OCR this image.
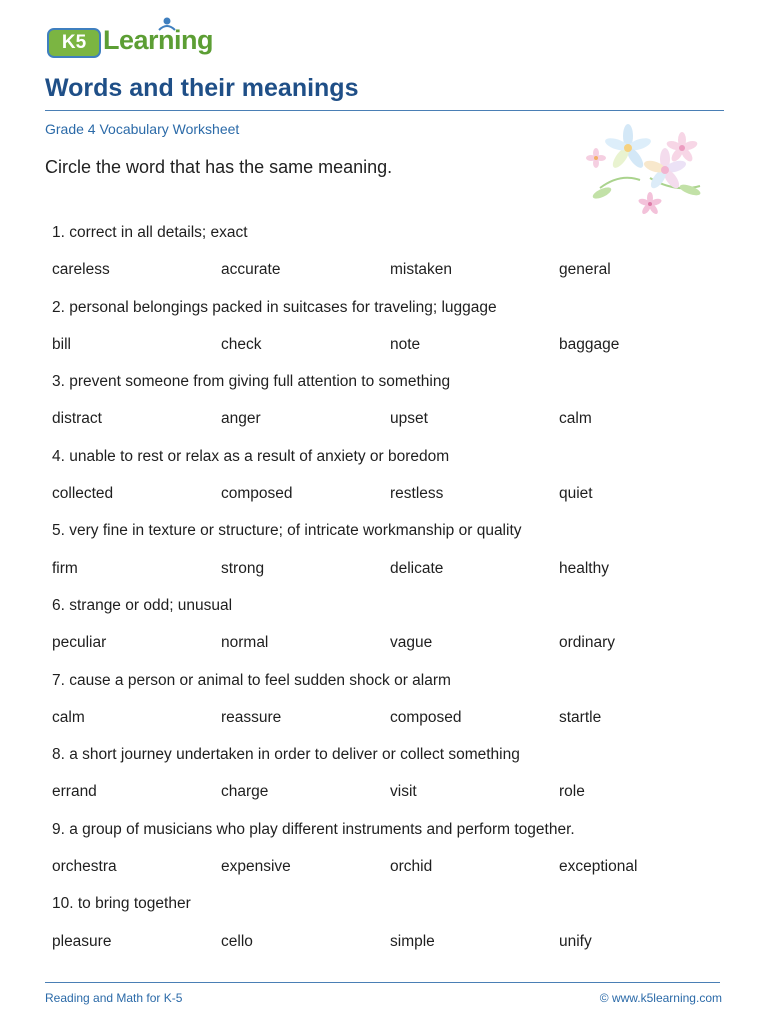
K5 Learning
Words and their meanings
Grade 4 Vocabulary Worksheet
Circle the word that has the same meaning.
1. correct in all details; exact
careless	accurate	mistaken	general
2. personal belongings packed in suitcases for traveling; luggage
bill	check	note	baggage
3. prevent someone from giving full attention to something
distract	anger	upset	calm
4. unable to rest or relax as a result of anxiety or boredom
collected	composed	restless	quiet
5. very fine in texture or structure; of intricate workmanship or quality
firm	strong	delicate	healthy
6. strange or odd; unusual
peculiar	normal	vague	ordinary
7. cause a person or animal to feel sudden shock or alarm
calm	reassure	composed	startle
8. a short journey undertaken in order to deliver or collect something
errand	charge	visit	role
9. a group of musicians who play different instruments and perform together.
orchestra	expensive	orchid	exceptional
10. to bring together
pleasure	cello	simple	unify
Reading and Math for K-5	© www.k5learning.com
